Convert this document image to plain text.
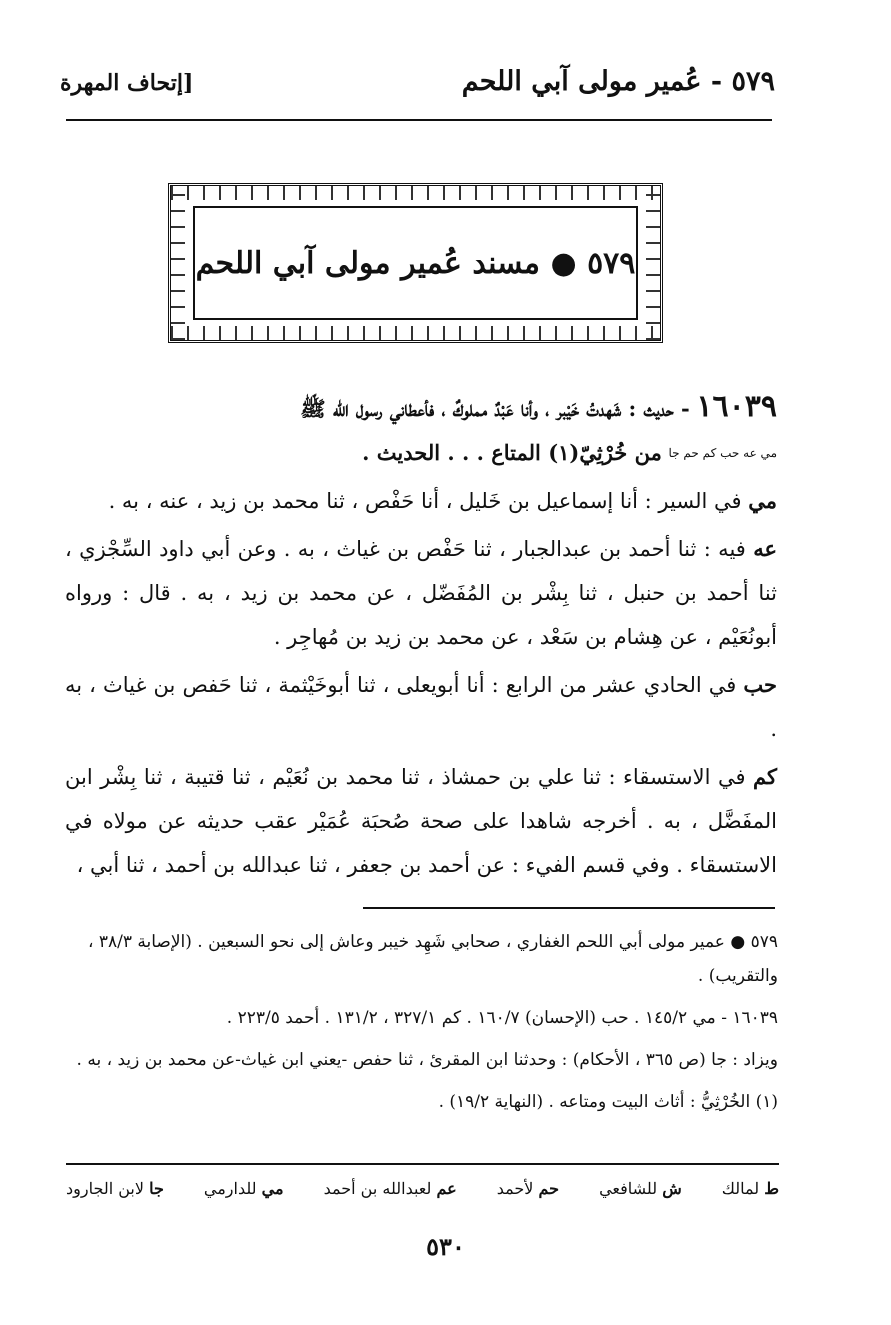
٥٧٩ - عُمير مولى آبي اللحم
[إتحاف المهرة
٥٧٩ ● مسند عُمير مولى آبي اللحم

١٦٠٣٩ - حديث : شَهدتُ خَيْبر ، وأنا عَبْدٌ مملوكٌ ، فأعطاني رسول الله ﷺ
مي عه حب كم حم جا من خُرْثِيّ(١) المتاع . . . الحديث .

مي في السير : أنا إسماعيل بن خَليل ، أنا حَفْص ، ثنا محمد بن زيد ، عنه ، به .

عه فيه : ثنا أحمد بن عبدالجبار ، ثنا حَفْص بن غياث ، به . وعن أبي داود السِّجْزي ، ثنا أحمد بن حنبل ، ثنا بِشْر بن المُفَضّل ، عن محمد بن زيد ، به . قال : ورواه أبونُعَيْم ، عن هِشام بن سَعْد ، عن محمد بن زيد بن مُهاجِر .

حب في الحادي عشر من الرابع : أنا أبويعلى ، ثنا أبوخَيْثمة ، ثنا حَفص بن غياث ، به .

كم في الاستسقاء : ثنا علي بن حمشاذ ، ثنا محمد بن نُعَيْم ، ثنا قتيبة ، ثنا بِشْر ابن المفَضَّل ، به . أخرجه شاهدا على صحة صُحبَة عُمَيْر عقب حديثه عن مولاه في الاستسقاء . وفي قسم الفيء : عن أحمد بن جعفر ، ثنا عبدالله بن أحمد ، ثنا أبي ،

٥٧٩ ● عمير مولى أبي اللحم الغفاري ، صحابي شَهِد خيبر وعاش إلى نحو السبعين . (الإصابة ٣٨/٣ ، والتقريب) .

١٦٠٣٩ - مي ١٤٥/٢ . حب (الإحسان) ١٦٠/٧ . كم ٣٢٧/١ ، ١٣١/٢ . أحمد ٢٢٣/٥ .

ويزاد : جا (ص ٣٦٥ ، الأحكام) : وحدثنا ابن المقرئ ، ثنا حفص -يعني ابن غياث-عن محمد بن زيد ، به .

(١) الخُرْثِيُّ : أثاث البيت ومتاعه . (النهاية ١٩/٢) .

ط لمالك
ش للشافعي
حم لأحمد
عم لعبدالله بن أحمد
مي للدارمي
جا لابن الجارود
٥٣٠
